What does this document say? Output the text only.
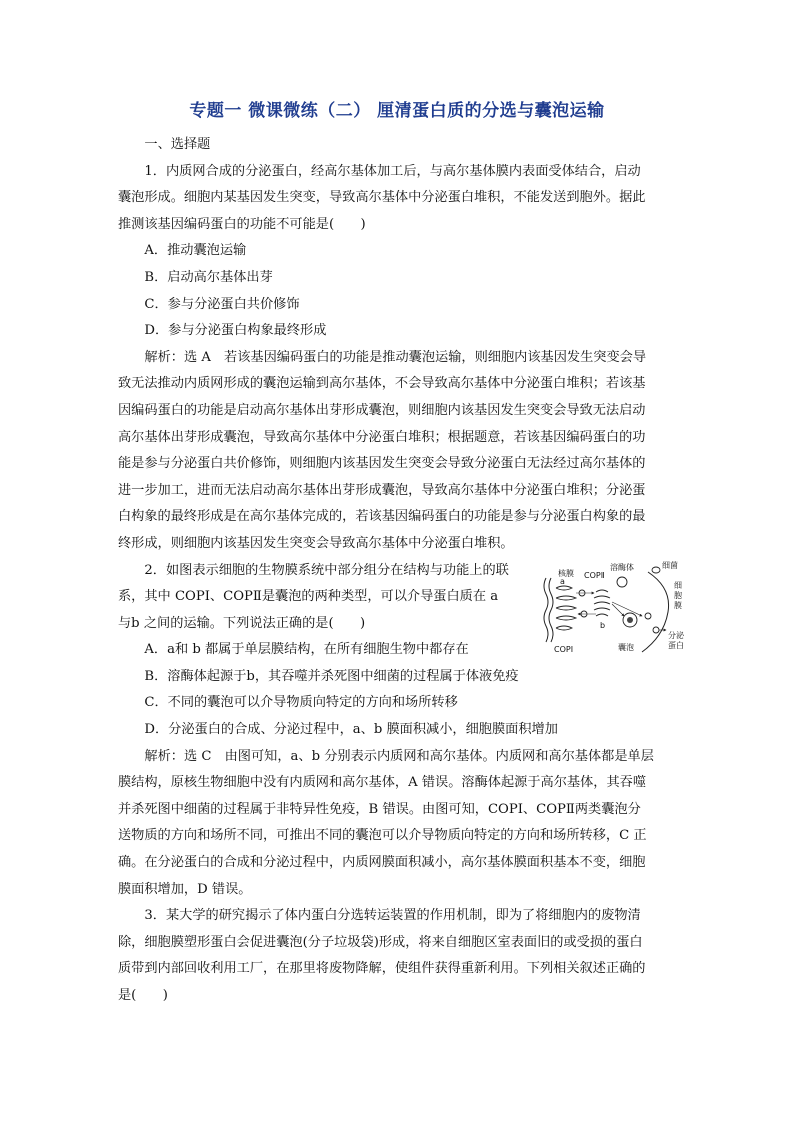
专题一 微课微练（二） 厘清蛋白质的分选与囊泡运输

一、选择题

1．内质网合成的分泌蛋白，经高尔基体加工后，与高尔基体膜内表面受体结合，启动

囊泡形成。细胞内某基因发生突变，导致高尔基体中分泌蛋白堆积，不能发送到胞外。据此

推测该基因编码蛋白的功能不可能是(　　)

A．推动囊泡运输

B．启动高尔基体出芽

C．参与分泌蛋白共价修饰

D．参与分泌蛋白构象最终形成

解析：选 A　若该基因编码蛋白的功能是推动囊泡运输，则细胞内该基因发生突变会导

致无法推动内质网形成的囊泡运输到高尔基体，不会导致高尔基体中分泌蛋白堆积；若该基

因编码蛋白的功能是启动高尔基体出芽形成囊泡，则细胞内该基因发生突变会导致无法启动

高尔基体出芽形成囊泡，导致高尔基体中分泌蛋白堆积；根据题意，若该基因编码蛋白的功

能是参与分泌蛋白共价修饰，则细胞内该基因发生突变会导致分泌蛋白无法经过高尔基体的

进一步加工，进而无法启动高尔基体出芽形成囊泡，导致高尔基体中分泌蛋白堆积；分泌蛋

白构象的最终形成是在高尔基体完成的，若该基因编码蛋白的功能是参与分泌蛋白构象的最

终形成，则细胞内该基因发生突变会导致高尔基体中分泌蛋白堆积。

2．如图表示细胞的生物膜系统中部分组分在结构与功能上的联

系，其中 COPⅠ、COPⅡ是囊泡的两种类型，可以介导蛋白质在 a

与b 之间的运输。下列说法正确的是(　　)

A．a和 b 都属于单层膜结构，在所有细胞生物中都存在

核膜 COPⅡ
溶酶体	细菌
细
胞
膜
a
b
COPⅠ	囊泡
分泌
蛋白

B．溶酶体起源于b，其吞噬并杀死图中细菌的过程属于体液免疫

C．不同的囊泡可以介导物质向特定的方向和场所转移

D．分泌蛋白的合成、分泌过程中，a、b 膜面积减小，细胞膜面积增加

解析：选 C　由图可知，a、b 分别表示内质网和高尔基体。内质网和高尔基体都是单层

膜结构，原核生物细胞中没有内质网和高尔基体，A 错误。溶酶体起源于高尔基体，其吞噬

并杀死图中细菌的过程属于非特异性免疫，B 错误。由图可知，COPⅠ、COPⅡ两类囊泡分

送物质的方向和场所不同，可推出不同的囊泡可以介导物质向特定的方向和场所转移，C 正

确。在分泌蛋白的合成和分泌过程中，内质网膜面积减小，高尔基体膜面积基本不变，细胞

膜面积增加，D 错误。

3．某大学的研究揭示了体内蛋白分选转运装置的作用机制，即为了将细胞内的废物清

除，细胞膜塑形蛋白会促进囊泡(分子垃圾袋)形成，将来自细胞区室表面旧的或受损的蛋白

质带到内部回收利用工厂，在那里将废物降解，使组件获得重新利用。下列相关叙述正确的

是(　　)
